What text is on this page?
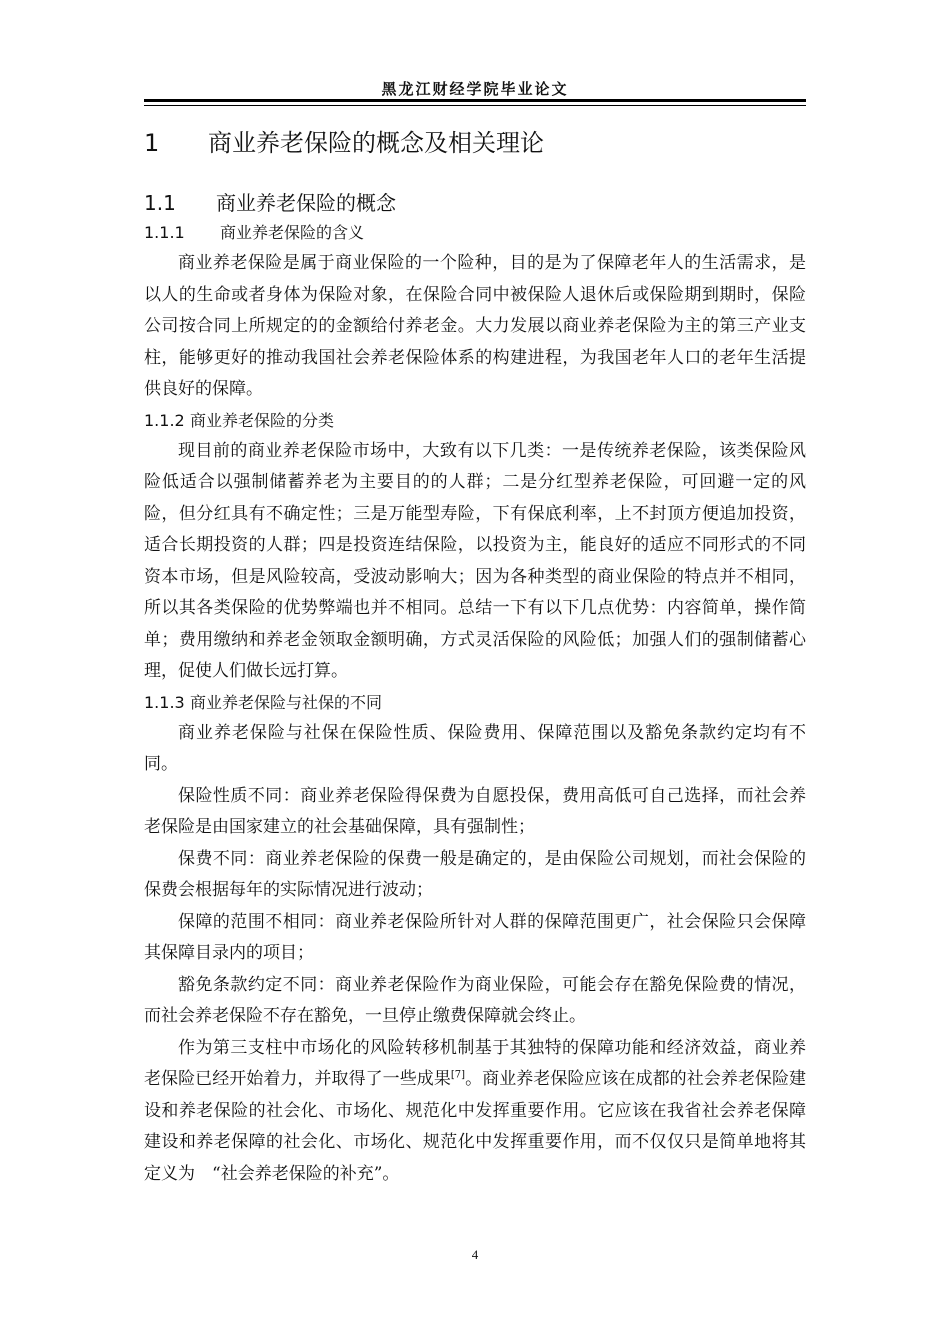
黑龙江财经学院毕业论文
1 商业养老保险的概念及相关理论
1.1 商业养老保险的概念
1.1.1 商业养老保险的含义

商业养老保险是属于商业保险的一个险种，目的是为了保障老年人的生活需求，是以人的生命或者身体为保险对象，在保险合同中被保险人退休后或保险期到期时，保险公司按合同上所规定的的金额给付养老金。大力发展以商业养老保险为主的第三产业支柱，能够更好的推动我国社会养老保险体系的构建进程，为我国老年人口的老年生活提供良好的保障。

1.1.2 商业养老保险的分类

现目前的商业养老保险市场中，大致有以下几类：一是传统养老保险，该类保险风险低适合以强制储蓄养老为主要目的的人群；二是分红型养老保险，可回避一定的风险，但分红具有不确定性；三是万能型寿险，下有保底利率，上不封顶方便追加投资，适合长期投资的人群；四是投资连结保险，以投资为主，能良好的适应不同形式的不同资本市场，但是风险较高，受波动影响大；因为各种类型的商业保险的特点并不相同，所以其各类保险的优势弊端也并不相同。总结一下有以下几点优势：内容简单，操作简单；费用缴纳和养老金领取金额明确，方式灵活保险的风险低；加强人们的强制储蓄心理，促使人们做长远打算。

1.1.3 商业养老保险与社保的不同

商业养老保险与社保在保险性质、保险费用、保障范围以及豁免条款约定均有不同。

保险性质不同：商业养老保险得保费为自愿投保，费用高低可自己选择，而社会养老保险是由国家建立的社会基础保障，具有强制性；

保费不同：商业养老保险的保费一般是确定的，是由保险公司规划，而社会保险的保费会根据每年的实际情况进行波动；

保障的范围不相同：商业养老保险所针对人群的保障范围更广，社会保险只会保障其保障目录内的项目；

豁免条款约定不同：商业养老保险作为商业保险，可能会存在豁免保险费的情况，而社会养老保险不存在豁免，一旦停止缴费保障就会终止。

作为第三支柱中市场化的风险转移机制基于其独特的保障功能和经济效益，商业养老保险已经开始着力，并取得了一些成果[7]。商业养老保险应该在成都的社会养老保险建设和养老保险的社会化、市场化、规范化中发挥重要作用。它应该在我省社会养老保障建设和养老保障的社会化、市场化、规范化中发挥重要作用，而不仅仅只是简单地将其定义为　“社会养老保险的补充”。

4
